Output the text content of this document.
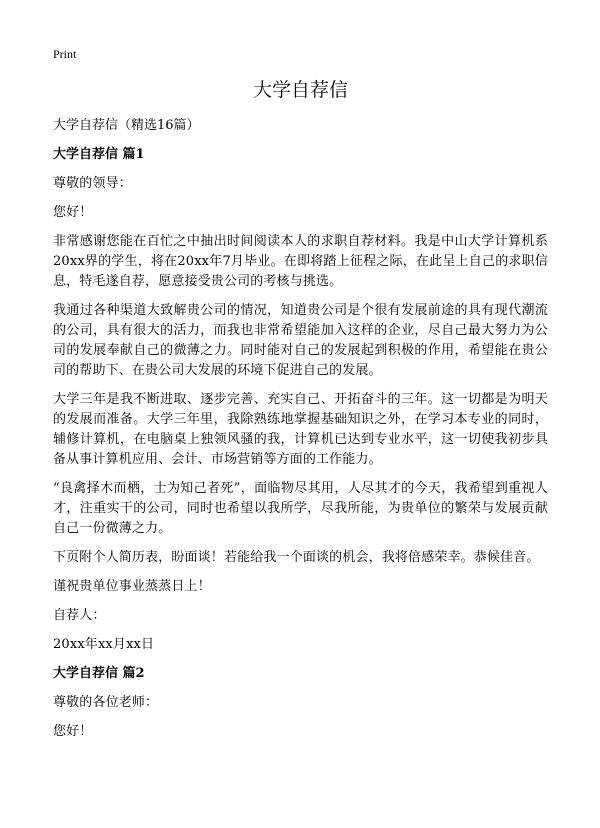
Print

大学自荐信

大学自荐信（精选16篇）

大学自荐信 篇1

尊敬的领导：

您好！

非常感谢您能在百忙之中抽出时间阅读本人的求职自荐材料。我是中山大学计算机系20xx界的学生，将在20xx年7月毕业。在即将踏上征程之际，在此呈上自己的求职信息，特毛遂自荐，愿意接受贵公司的考核与挑选。

我通过各种渠道大致解贵公司的情况，知道贵公司是个很有发展前途的具有现代潮流的公司，具有很大的活力，而我也非常希望能加入这样的企业，尽自己最大努力为公司的发展奉献自己的微薄之力。同时能对自己的发展起到积极的作用，希望能在贵公司的帮助下、在贵公司大发展的环境下促进自己的发展。

大学三年是我不断进取、逐步完善、充实自己、开拓奋斗的三年。这一切都是为明天的发展而准备。大学三年里，我除熟练地掌握基础知识之外，在学习本专业的同时，辅修计算机，在电脑桌上独领风骚的我，计算机已达到专业水平，这一切使我初步具备从事计算机应用、会计、市场营销等方面的工作能力。

“良禽择木而栖，士为知己者死”，面临物尽其用，人尽其才的今天，我希望到重视人才，注重实干的公司，同时也希望以我所学，尽我所能，为贵单位的繁荣与发展贡献自己一份微薄之力。

下页附个人简历表，盼面谈！若能给我一个面谈的机会，我将倍感荣幸。恭候佳音。

谨祝贵单位事业蒸蒸日上！

自荐人：

20xx年xx月xx日

大学自荐信 篇2

尊敬的各位老师：

您好！
